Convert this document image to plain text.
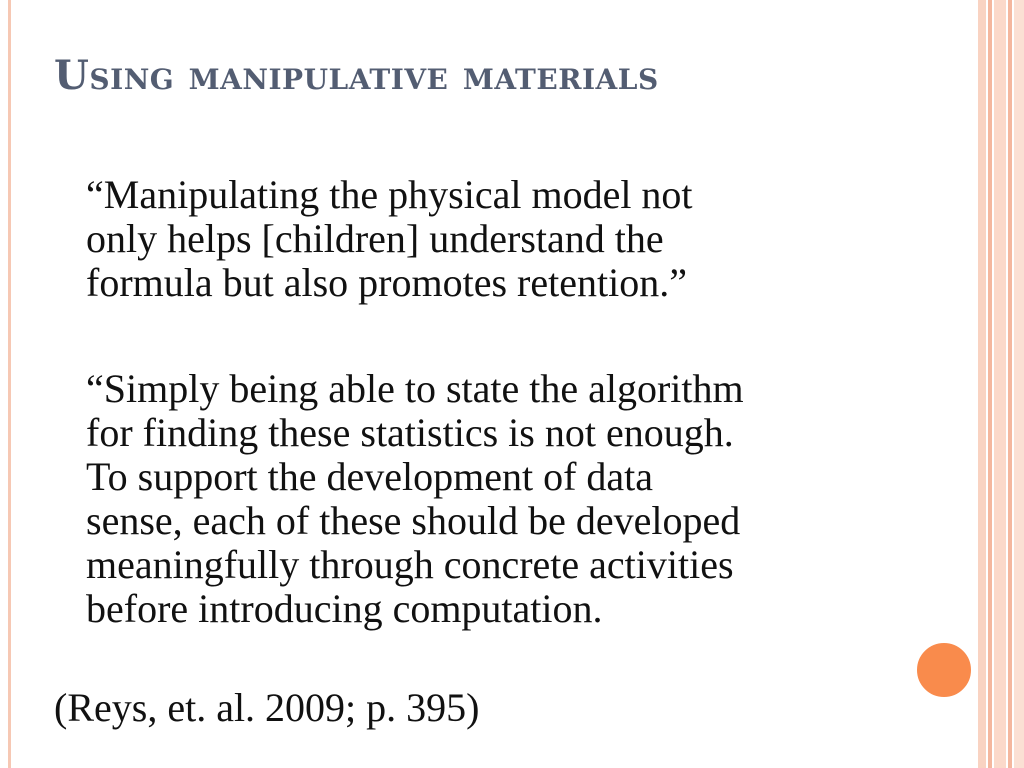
Using manipulative materials

“Manipulating the physical model not
only helps [children] understand the
formula but also promotes retention.”

“Simply being able to state the algorithm
for finding these statistics is not enough.
To support the development of data
sense, each of these should be developed
meaningfully through concrete activities
before introducing computation.

(Reys, et. al. 2009; p. 395)
